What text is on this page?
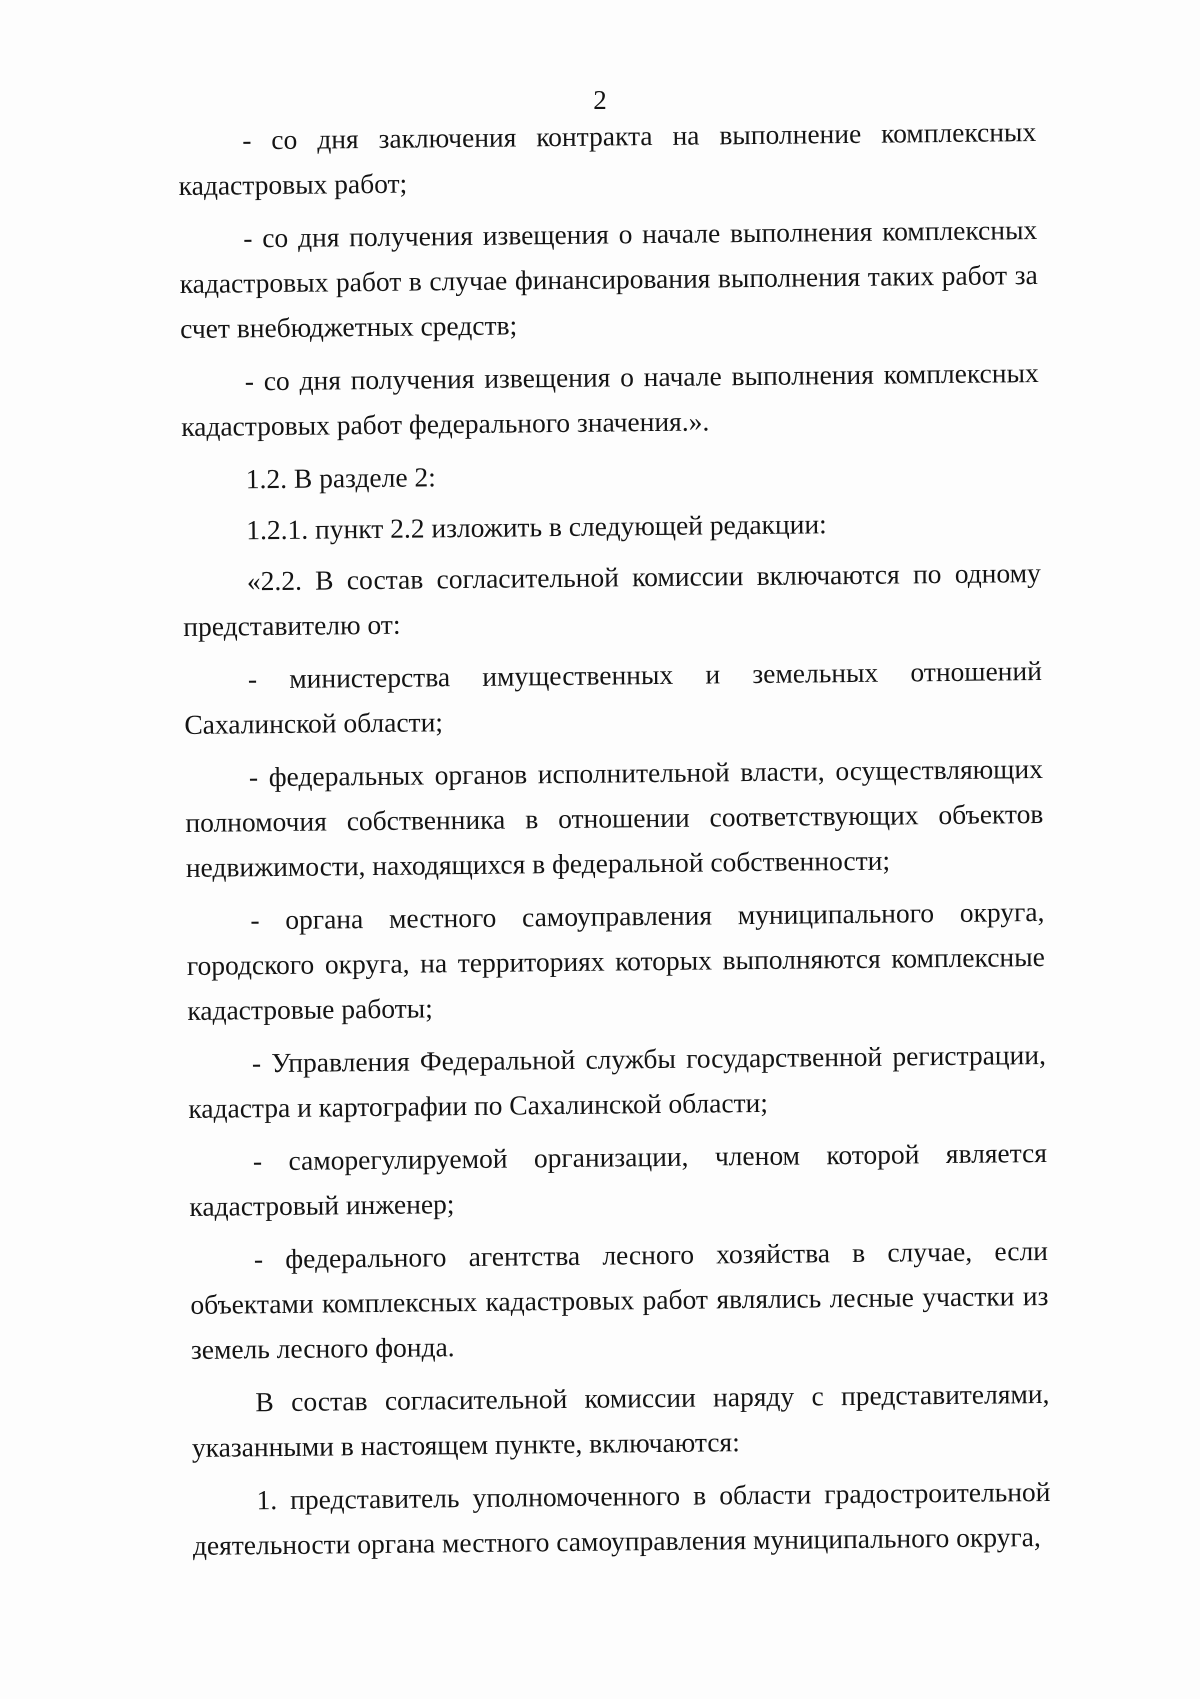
2

- со дня заключения контракта на выполнение комплексных кадастровых работ;

- со дня получения извещения о начале выполнения комплексных кадастровых работ в случае финансирования выполнения таких работ за счет внебюджетных средств;

- со дня получения извещения о начале выполнения комплексных кадастровых работ федерального значения.».

1.2. В разделе 2:

1.2.1. пункт 2.2 изложить в следующей редакции:

«2.2. В состав согласительной комиссии включаются по одному представителю от:

- министерства имущественных и земельных отношений Сахалинской области;

- федеральных органов исполнительной власти, осуществляющих полномочия собственника в отношении соответствующих объектов недвижимости, находящихся в федеральной собственности;

- органа местного самоуправления муниципального округа, городского округа, на территориях которых выполняются комплексные кадастровые работы;

- Управления Федеральной службы государственной регистрации, кадастра и картографии по Сахалинской области;

- саморегулируемой организации, членом которой является кадастровый инженер;

- федерального агентства лесного хозяйства в случае, если объектами комплексных кадастровых работ являлись лесные участки из земель лесного фонда.

В состав согласительной комиссии наряду с представителями, указанными в настоящем пункте, включаются:

1. представитель уполномоченного в области градостроительной деятельности органа местного самоуправления муниципального округа,
